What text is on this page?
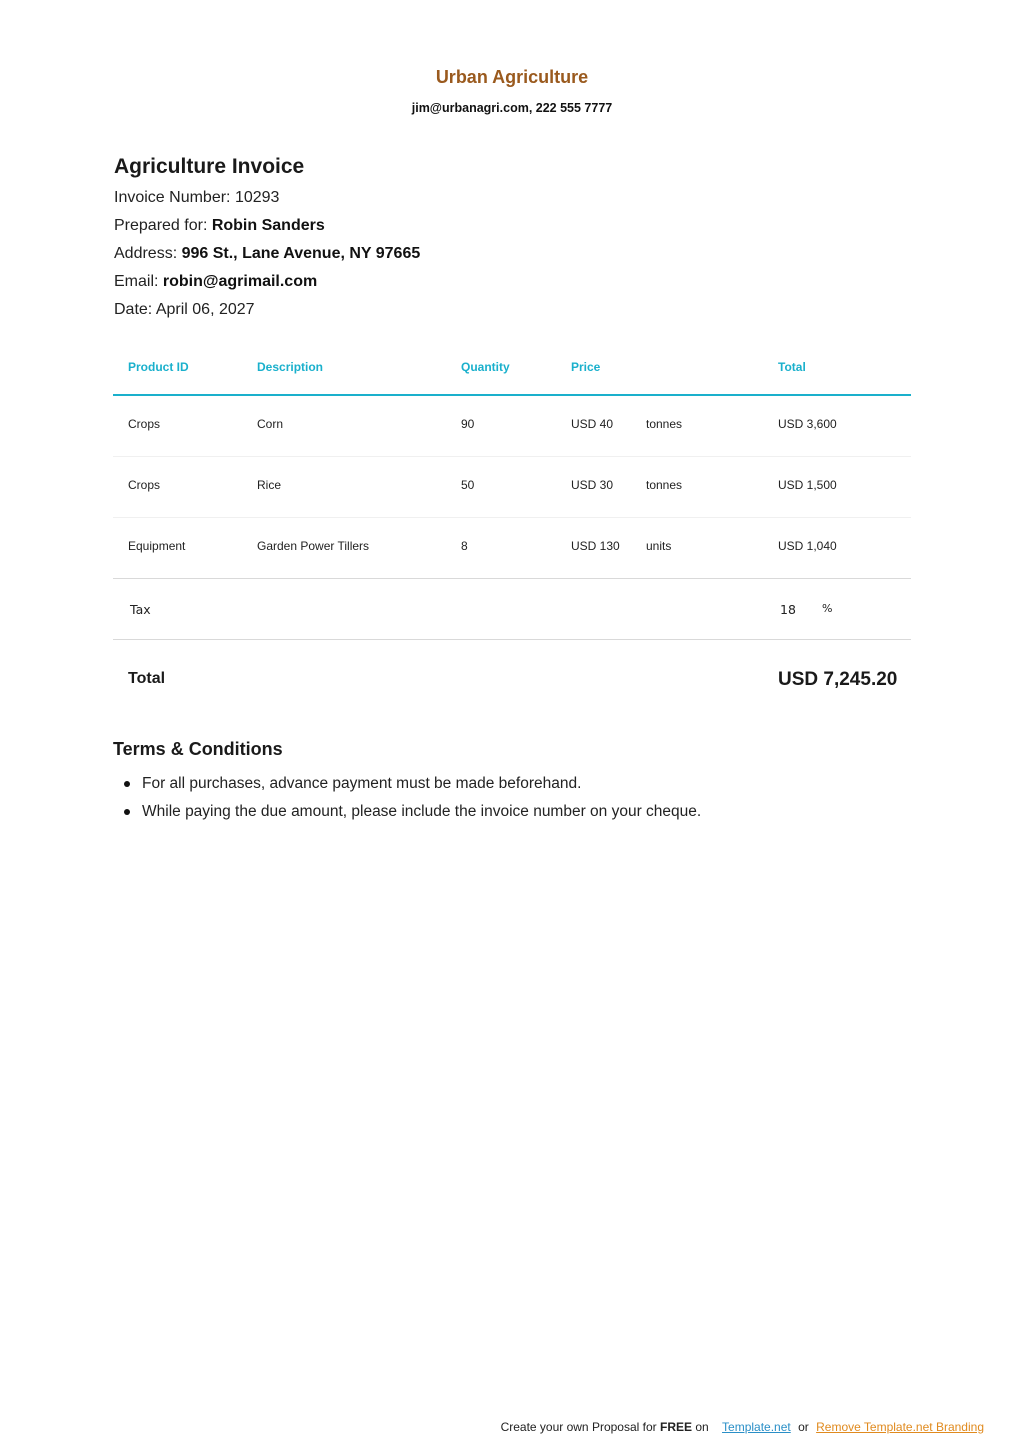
Urban Agriculture
jim@urbanagri.com, 222 555 7777
Agriculture Invoice
Invoice Number: 10293
Prepared for: Robin Sanders
Address: 996 St., Lane Avenue, NY 97665
Email: robin@agrimail.com
Date: April 06, 2027
Product ID	Description	Quantity	Price	Total
Crops	Corn	90	USD 40	tonnes	USD 3,600
Crops	Rice	50	USD 30	tonnes	USD 1,500
Equipment	Garden Power Tillers	8	USD 130 units	USD 1,040
Tax	18 %
Total	USD 7,245.20
Terms & Conditions
For all purchases, advance payment must be made beforehand.
While paying the due amount, please include the invoice number on your cheque.
Create your own Proposal for FREE on Template.net or Remove Template.net Branding
